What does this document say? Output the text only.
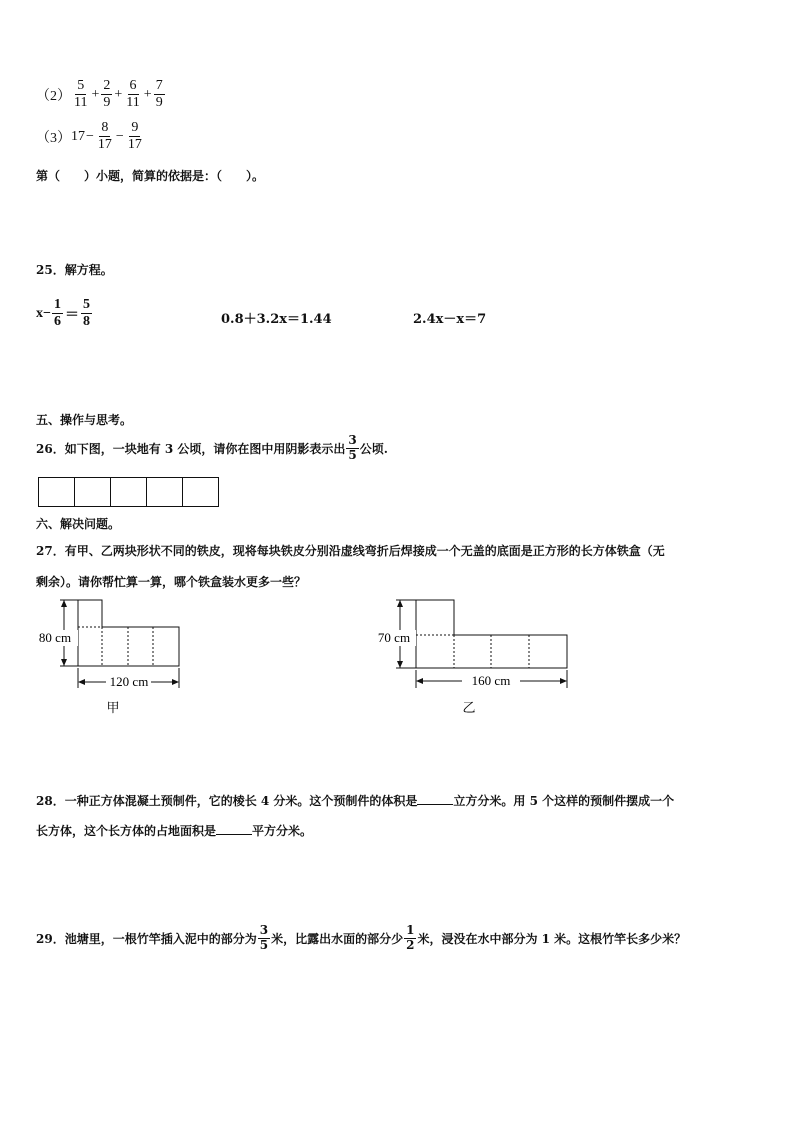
$(2) \frac{5}{11} + \frac{2}{9} + \frac{6}{11} + \frac{7}{9}$
（3） $17 - \frac{8}{17} - \frac{9}{17}$
第（　　）小题，简算的依据是：（　　）。
25．解方程。
$x- \frac{1}{6} = \frac{5}{8}$	0.8＋3.2x＝1.44	2.4x－x＝7
五、操作与思考。
26．如下图，一块地有 3 公顷，请你在图中用阴影表示出 $\frac{3}{5}$ 公顷.
六、解决问题。
27．有甲、乙两块形状不同的铁皮，现将每块铁皮分别沿虚线弯折后焊接成一个无盖的底面是正方形的长方体铁盒（无
剩余）。请你帮忙算一算，哪个铁盒装水更多一些？
80 cm
120 cm
甲
70 cm
160 cm
乙
28．一种正方体混凝土预制件，它的棱长 4 分米。这个预制件的体积是	立方分米。用 5 个这样的预制件摆成一个
长方体，这个长方体的占地面积是	平方分米。
29．池塘里，一根竹竿插入泥中的部分为 $\frac{3}{5}$ 米，比露出水面的部分少 $\frac{1}{2}$ 米，浸没在水中部分为 1 米。这根竹竿长多少米？
